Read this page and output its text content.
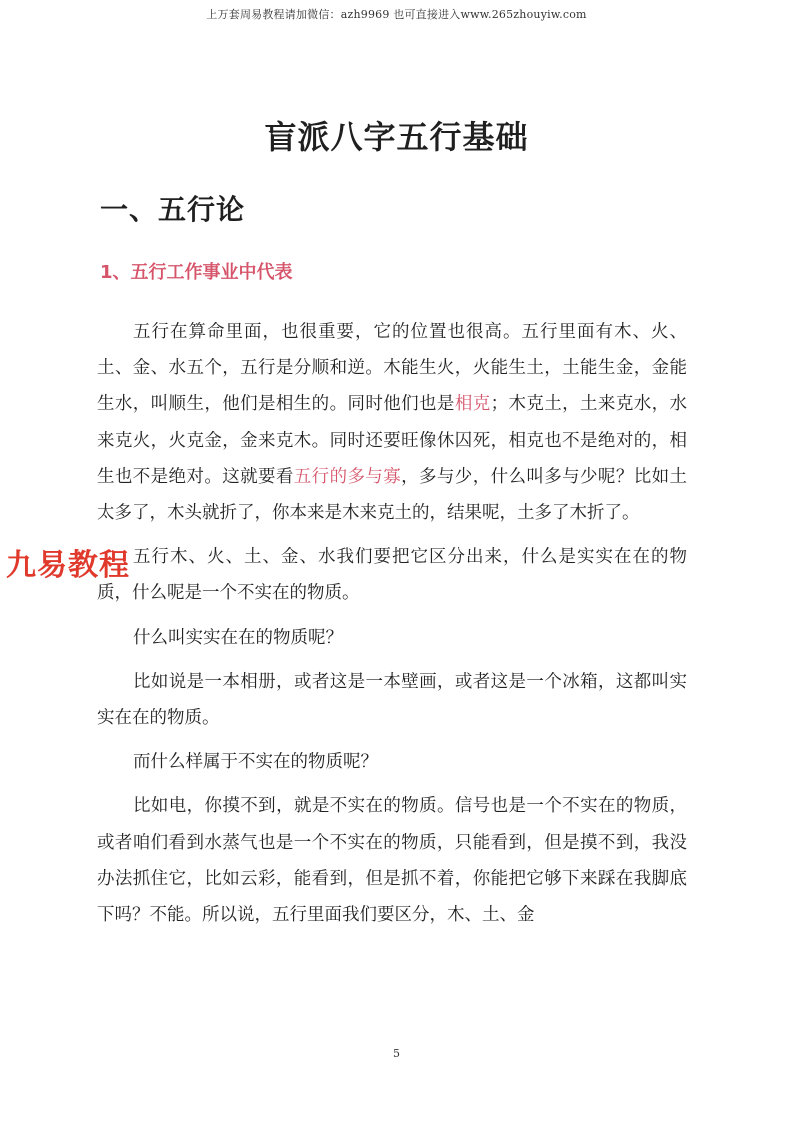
上万套周易教程请加微信：azh9969 也可直接进入www.265zhouyiw.com
盲派八字五行基础
一、五行论
1、五行工作事业中代表

五行在算命里面，也很重要，它的位置也很高。五行里面有木、火、土、金、水五个，五行是分顺和逆。木能生火，火能生土，土能生金，金能生水，叫顺生，他们是相生的。同时他们也是相克；木克土，土来克水，水来克火，火克金，金来克木。同时还要旺像休囚死，相克也不是绝对的，相生也不是绝对。这就要看五行的多与寡，多与少，什么叫多与少呢？比如土太多了，木头就折了，你本来是木来克土的，结果呢，土多了木折了。

五行木、火、土、金、水我们要把它区分出来，什么是实实在在的物质，什么呢是一个不实在的物质。

什么叫实实在在的物质呢？

比如说是一本相册，或者这是一本壁画，或者这是一个冰箱，这都叫实实在在的物质。

而什么样属于不实在的物质呢？

比如电，你摸不到，就是不实在的物质。信号也是一个不实在的物质，或者咱们看到水蒸气也是一个不实在的物质，只能看到，但是摸不到，我没办法抓住它，比如云彩，能看到，但是抓不着，你能把它够下来踩在我脚底下吗？不能。所以说，五行里面我们要区分，木、土、金

九易教程
5
